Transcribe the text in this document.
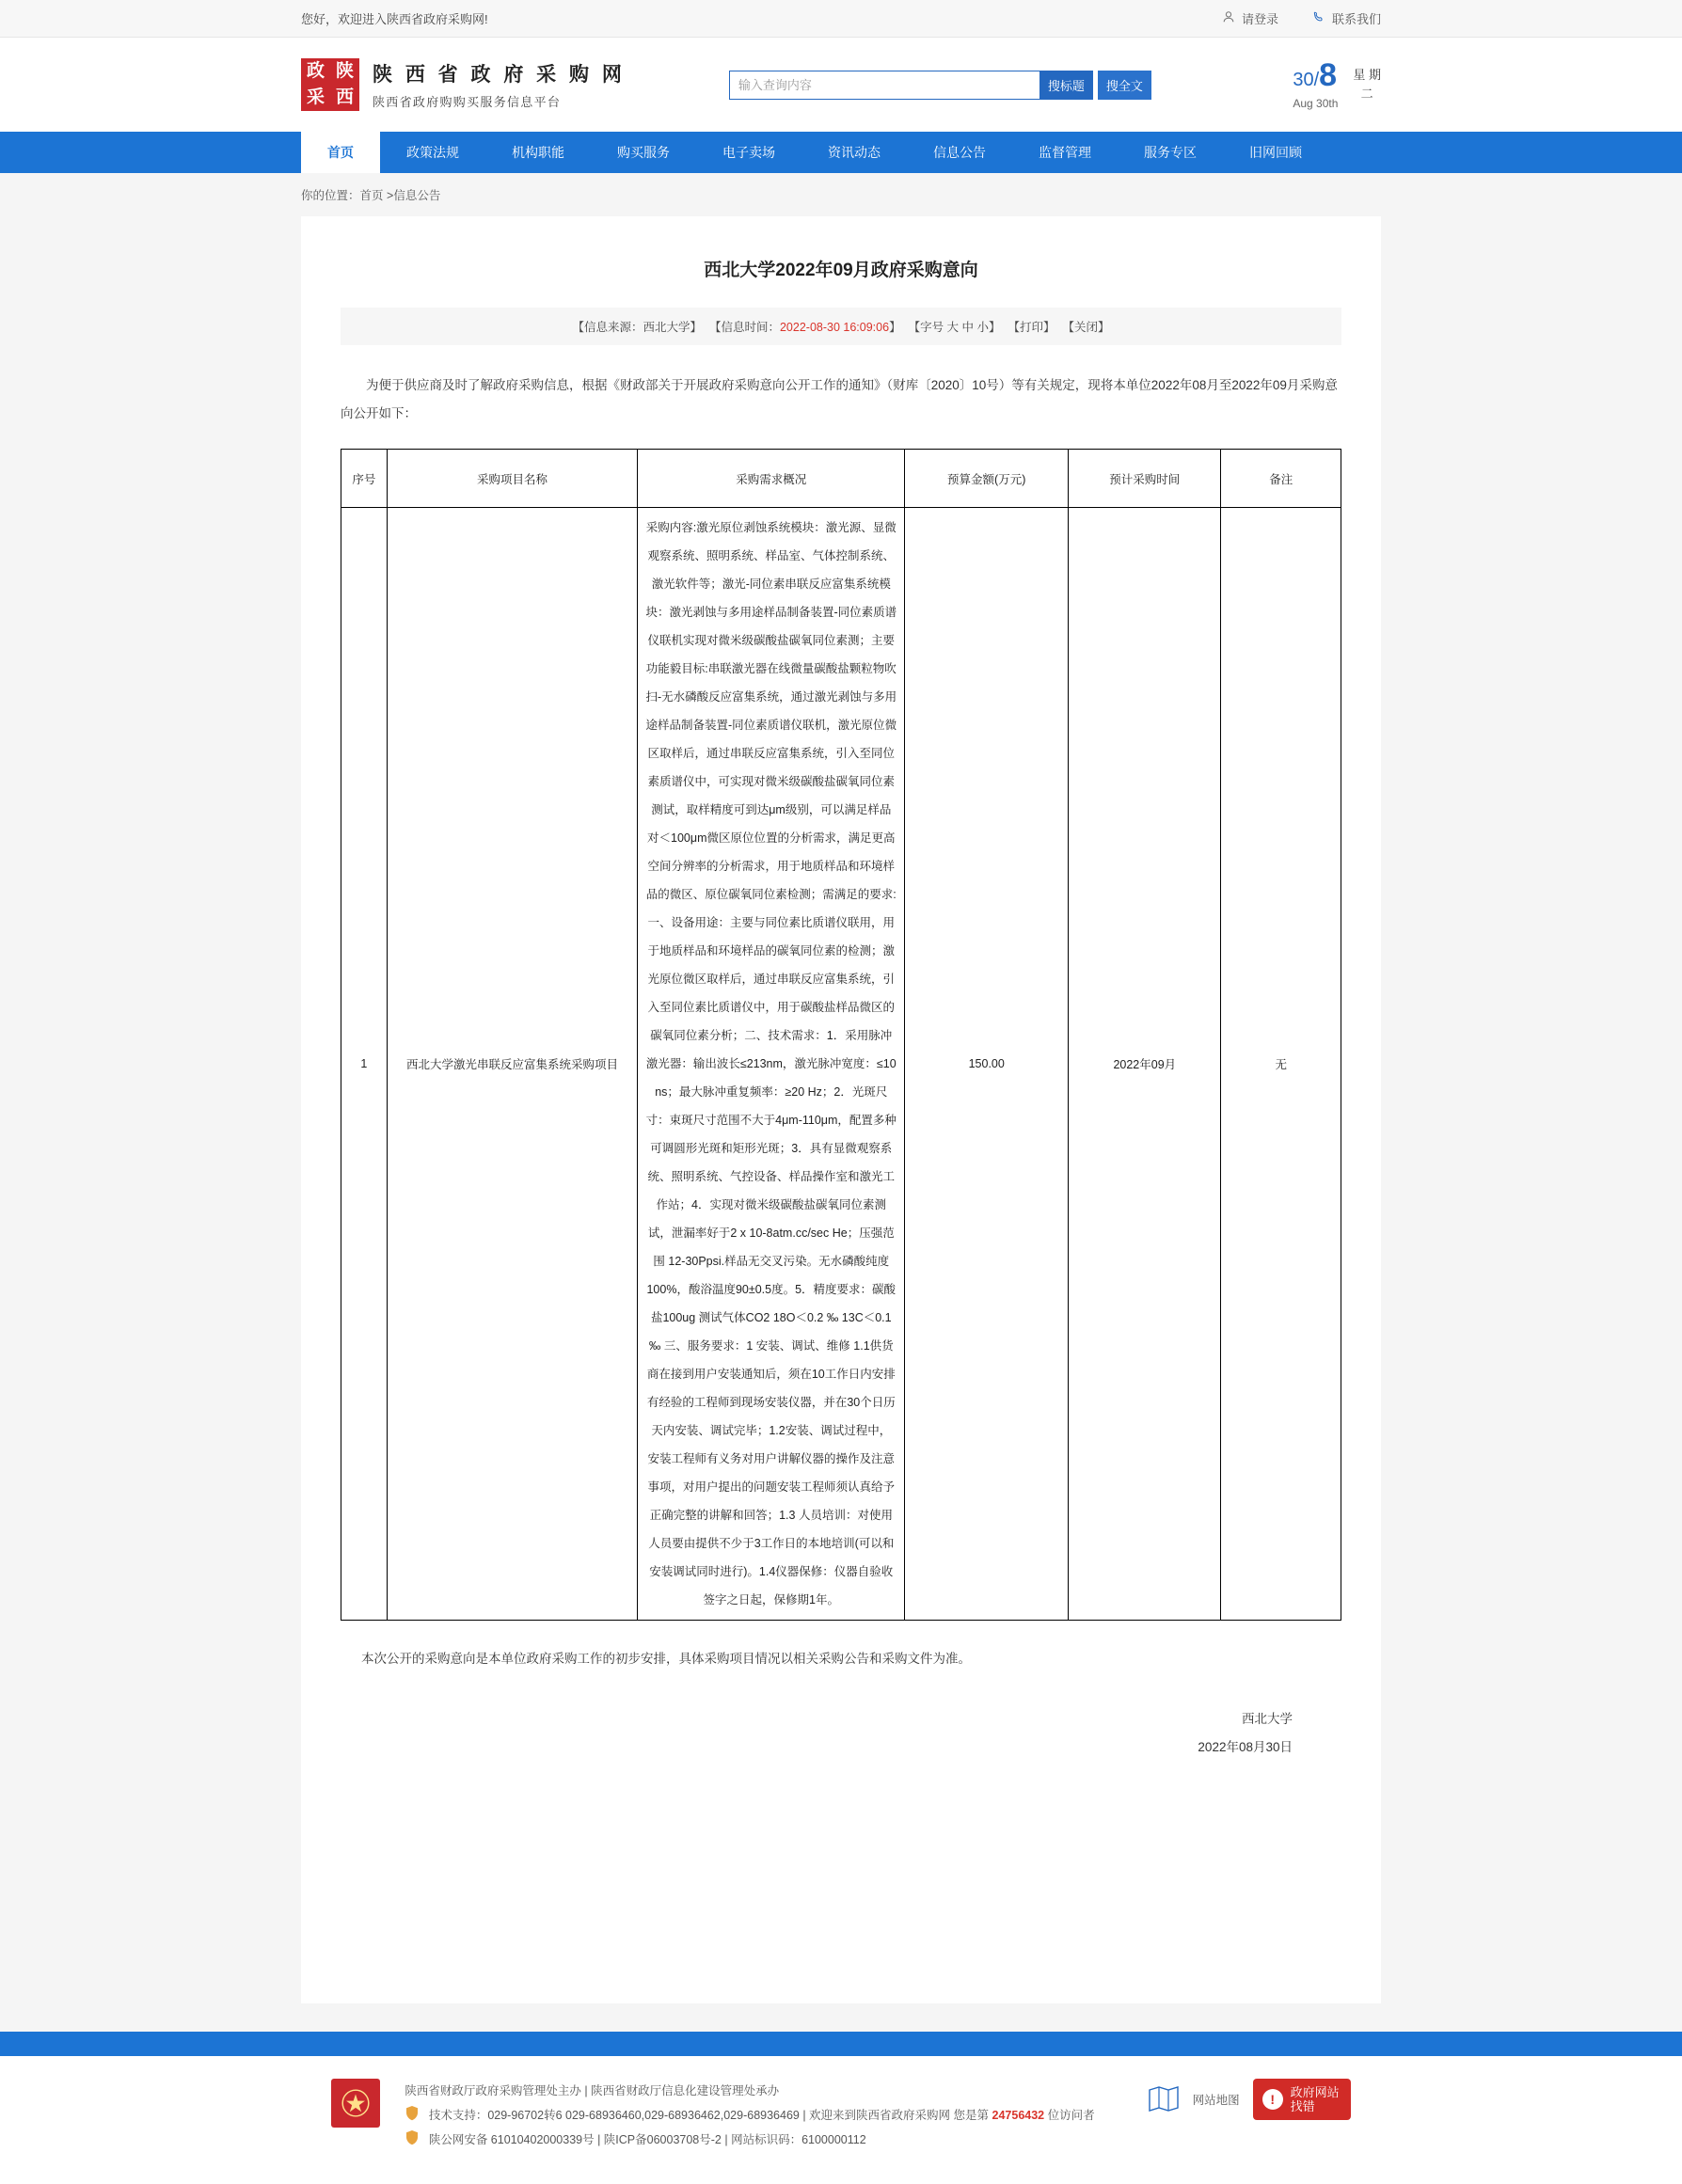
您好，欢迎进入陕西省政府采购网!	请登录	联系我们
政 陕
采 西
陕 西 省 政 府 采 购 网
陕西省政府购购买服务信息平台
输入查询内容
搜标题	搜全文	30/8
Aug 30th
星 期
二
首页	政策法规	机构职能	购买服务	电子卖场	资讯动态	信息公告	监督管理	服务专区	旧网回顾
你的位置：首页 >信息公告
西北大学2022年09月政府采购意向
【信息来源：西北大学】 【信息时间：2022-08-30 16:09:06】 【字号 大 中 小】 【打印】 【关闭】

为便于供应商及时了解政府采购信息，根据《财政部关于开展政府采购意向公开工作的通知》（财库〔2020〕10号）等有关规定，现将本单位2022年08月至2022年09月采购意向公开如下：

序号	采购项目名称	采购需求概况	预算金额(万元)	预计采购时间	备注
1	西北大学激光串联反应富集系统采购项目	采购内容:激光原位剥蚀系统模块：激光源、显微观察系统、照明系统、样品室、气体控制系统、激光软件等；激光-同位素串联反应富集系统模块：激光剥蚀与多用途样品制备装置-同位素质谱仪联机实现对微米级碳酸盐碳氧同位素测；主要功能毅目标:串联激光器在线微量碳酸盐颗粒物吹扫-无水磷酸反应富集系统，通过激光剥蚀与多用途样品制备装置-同位素质谱仪联机，激光原位微区取样后，通过串联反应富集系统，引入至同位素质谱仪中，可实现对微米级碳酸盐碳氧同位素测试，取样精度可到达μm级别，可以满足样品对＜100μm微区原位位置的分析需求，满足更高空间分辨率的分析需求，用于地质样品和环境样品的微区、原位碳氧同位素检测；需满足的要求:一、设备用途：主要与同位素比质谱仪联用，用于地质样品和环境样品的碳氧同位素的检测；激光原位微区取样后，通过串联反应富集系统，引入至同位素比质谱仪中，用于碳酸盐样品微区的碳氧同位素分析；二、技术需求：1．采用脉冲激光器：输出波长≤213nm，激光脉冲宽度：≤10 ns；最大脉冲重复频率：≥20 Hz；2．光斑尺寸：束斑尺寸范围不大于4μm-110μm，配置多种可调圆形光斑和矩形光斑；3．具有显微观察系统、照明系统、气控设备、样品操作室和激光工作站；4．实现对微米级碳酸盐碳氧同位素测试，泄漏率好于2 x 10-8atm.cc/sec He；压强范围 12-30Ppsi.样品无交叉污染。无水磷酸纯度100%，酸浴温度90±0.5度。5．精度要求：碳酸盐100ug 测试气体CO2 18O＜0.2 ‰ 13C＜0.1 ‰ 三、服务要求：1 安装、调试、维修 1.1供货商在接到用户安装通知后，须在10工作日内安排有经验的工程师到现场安装仪器，并在30个日历天内安装、调试完毕；1.2安装、调试过程中，安装工程师有义务对用户讲解仪器的操作及注意事项，对用户提出的问题安装工程师须认真给予正确完整的讲解和回答；1.3 人员培训：对使用人员要由提供不少于3工作日的本地培训(可以和安装调试同时进行)。1.4仪器保修：仪器自验收签字之日起，保修期1年。	150.00	2022年09月	无

本次公开的采购意向是本单位政府采购工作的初步安排，具体采购项目情况以相关采购公告和采购文件为准。

西北大学
2022年08月30日
陕西省财政厅政府采购管理处主办 | 陕西省财政厅信息化建设管理处承办
技术支持：029-96702转6 029-68936460,029-68936462,029-68936469 | 欢迎来到陕西省政府采购网 您是第 24756432 位访问者
陕公网安备 61010402000339号 | 陕ICP备06003708号-2 | 网站标识码：6100000112
网站地图	!	政府网站
找错
